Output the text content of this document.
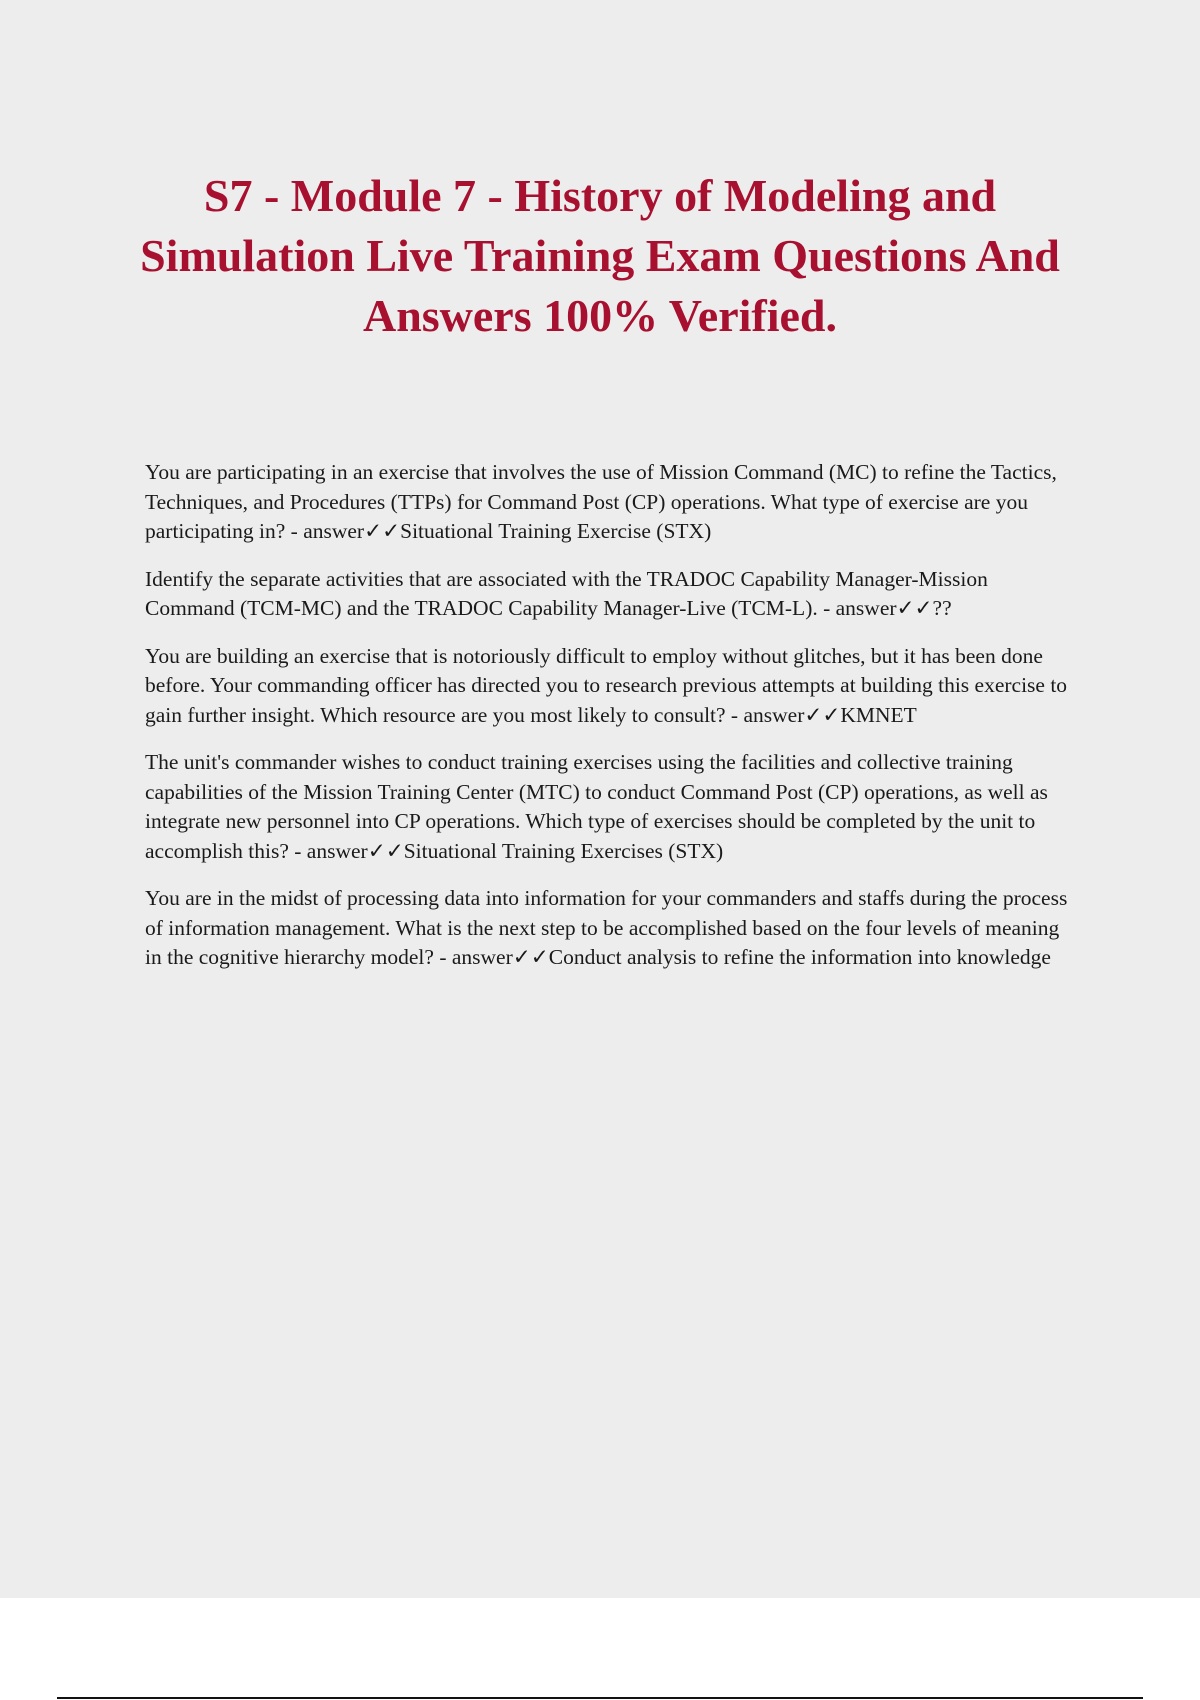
S7 - Module 7 - History of Modeling and Simulation Live Training Exam Questions And Answers 100% Verified.

You are participating in an exercise that involves the use of Mission Command (MC) to refine the Tactics, Techniques, and Procedures (TTPs) for Command Post (CP) operations. What type of exercise are you participating in? - answer✓✓Situational Training Exercise (STX)

Identify the separate activities that are associated with the TRADOC Capability Manager-Mission Command (TCM-MC) and the TRADOC Capability Manager-Live (TCM-L). - answer✓✓??

You are building an exercise that is notoriously difficult to employ without glitches, but it has been done before. Your commanding officer has directed you to research previous attempts at building this exercise to gain further insight. Which resource are you most likely to consult? - answer✓✓KMNET

The unit's commander wishes to conduct training exercises using the facilities and collective training capabilities of the Mission Training Center (MTC) to conduct Command Post (CP) operations, as well as integrate new personnel into CP operations. Which type of exercises should be completed by the unit to accomplish this? - answer✓✓Situational Training Exercises (STX)

You are in the midst of processing data into information for your commanders and staffs during the process of information management. What is the next step to be accomplished based on the four levels of meaning in the cognitive hierarchy model? - answer✓✓Conduct analysis to refine the information into knowledge
